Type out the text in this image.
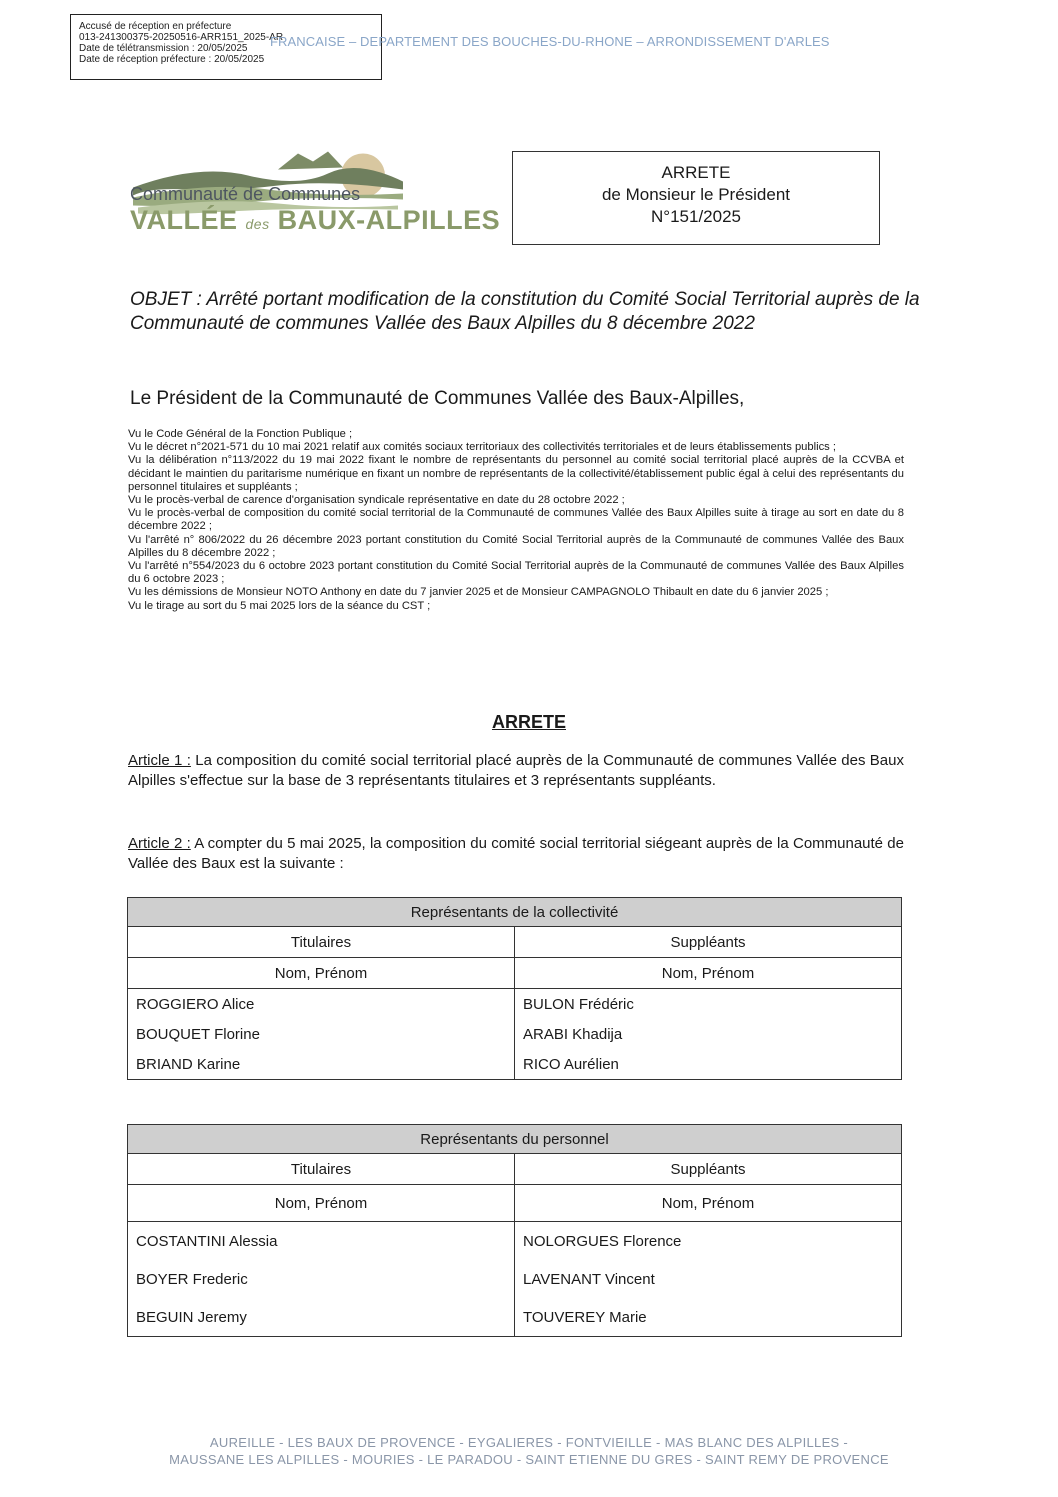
Accusé de réception en préfecture
013-241300375-20250516-ARR151_2025-AR
Date de télétransmission : 20/05/2025
Date de réception préfecture : 20/05/2025
FRANCAISE – DEPARTEMENT DES BOUCHES-DU-RHONE – ARRONDISSEMENT D'ARLES
Communauté de Communes
VALLÉE des BAUX-ALPILLES
ARRETE
de Monsieur le Président
N°151/2025
OBJET : Arrêté portant modification de la constitution du Comité Social Territorial auprès de la Communauté de communes Vallée des Baux Alpilles du 8 décembre 2022
Le Président de la Communauté de Communes Vallée des Baux-Alpilles,

Vu le Code Général de la Fonction Publique ;

Vu le décret n°2021-571 du 10 mai 2021 relatif aux comités sociaux territoriaux des collectivités territoriales et de leurs établissements publics ;

Vu la délibération n°113/2022 du 19 mai 2022 fixant le nombre de représentants du personnel au comité social territorial placé auprès de la CCVBA et décidant le maintien du paritarisme numérique en fixant un nombre de représentants de la collectivité/établissement public égal à celui des représentants du personnel titulaires et suppléants ;

Vu le procès-verbal de carence d'organisation syndicale représentative en date du 28 octobre 2022 ;

Vu le procès-verbal de composition du comité social territorial de la Communauté de communes Vallée des Baux Alpilles suite à tirage au sort en date du 8 décembre 2022 ;

Vu l'arrêté n° 806/2022 du 26 décembre 2023 portant constitution du Comité Social Territorial auprès de la Communauté de communes Vallée des Baux Alpilles du 8 décembre 2022 ;

Vu l'arrêté n°554/2023 du 6 octobre 2023 portant constitution du Comité Social Territorial auprès de la Communauté de communes Vallée des Baux Alpilles du 6 octobre 2023 ;

Vu les démissions de Monsieur NOTO Anthony en date du 7 janvier 2025 et de Monsieur CAMPAGNOLO Thibault en date du 6 janvier 2025 ;

Vu le tirage au sort du 5 mai 2025 lors de la séance du CST ;

ARRETE
Article 1 : La composition du comité social territorial placé auprès de la Communauté de communes Vallée des Baux Alpilles s'effectue sur la base de 3 représentants titulaires et 3 représentants suppléants.
Article 2 : A compter du 5 mai 2025, la composition du comité social territorial siégeant auprès de la Communauté de Vallée des Baux est la suivante :
Représentants de la collectivité	
Titulaires	Suppléants
Nom, Prénom	Nom, Prénom
ROGGIERO Alice	BULON Frédéric
BOUQUET Florine	ARABI Khadija
BRIAND Karine	RICO Aurélien
Représentants du personnel	
Titulaires	Suppléants
Nom, Prénom	Nom, Prénom
COSTANTINI Alessia	NOLORGUES Florence
BOYER Frederic	LAVENANT Vincent
BEGUIN Jeremy	TOUVEREY Marie
AUREILLE - LES BAUX DE PROVENCE - EYGALIERES - FONTVIEILLE - MAS BLANC DES ALPILLES -
MAUSSANE LES ALPILLES - MOURIES - LE PARADOU - SAINT ETIENNE DU GRES - SAINT REMY DE PROVENCE
